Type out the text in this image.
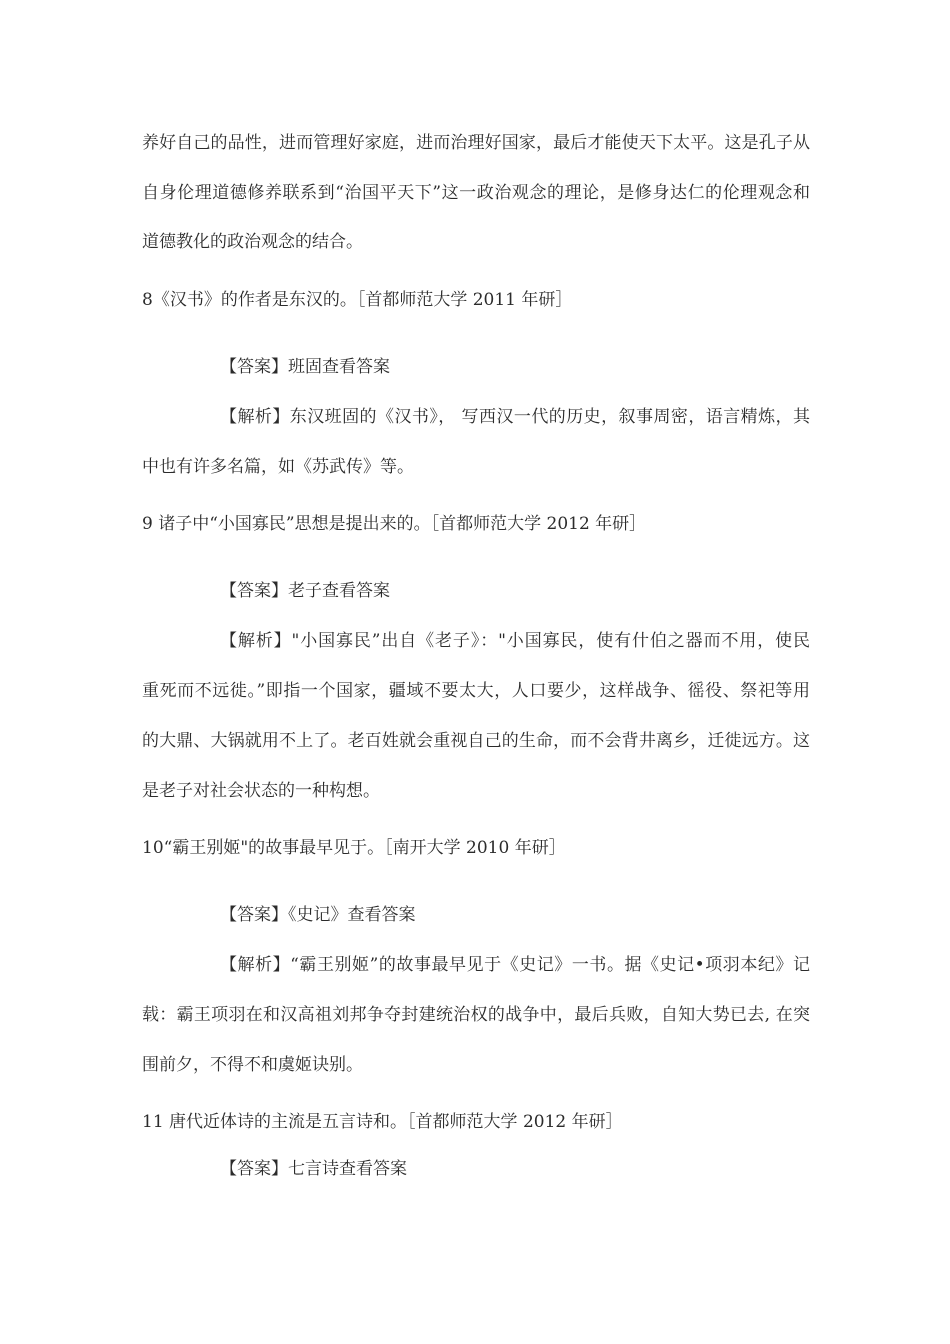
养好自己的品性，进而管理好家庭，进而治理好国家，最后才能使天下太平。这是孔子从
自身伦理道德修养联系到“治国平天下”这一政治观念的理论，是修身达仁的伦理观念和
道德教化的政治观念的结合。
8《汉书》的作者是东汉的。［首都师范大学 2011 年研］
【答案】班固查看答案
【解析】东汉班固的《汉书》， 写西汉一代的历史，叙事周密，语言精炼，其
中也有许多名篇，如《苏武传》等。
9 诸子中“小国寡民”思想是提出来的。［首都师范大学 2012 年研］
【答案】老子查看答案
【解析】"小国寡民”出自《老子》："小国寡民，使有什伯之器而不用，使民
重死而不远徙。”即指一个国家，疆域不要太大，人口要少，这样战争、徭役、祭祀等用
的大鼎、大锅就用不上了。老百姓就会重视自己的生命，而不会背井离乡，迁徙远方。这
是老子对社会状态的一种构想。
10“霸王别姬"的故事最早见于。［南开大学 2010 年研］
【答案】《史记》查看答案
【解析】“霸王别姬”的故事最早见于《史记》一书。据《史记•项羽本纪》记
载：霸王项羽在和汉高祖刘邦争夺封建统治权的战争中，最后兵败，自知大势已去, 在突
围前夕，不得不和虞姬诀别。
11 唐代近体诗的主流是五言诗和。［首都师范大学 2012 年研］
【答案】七言诗查看答案
